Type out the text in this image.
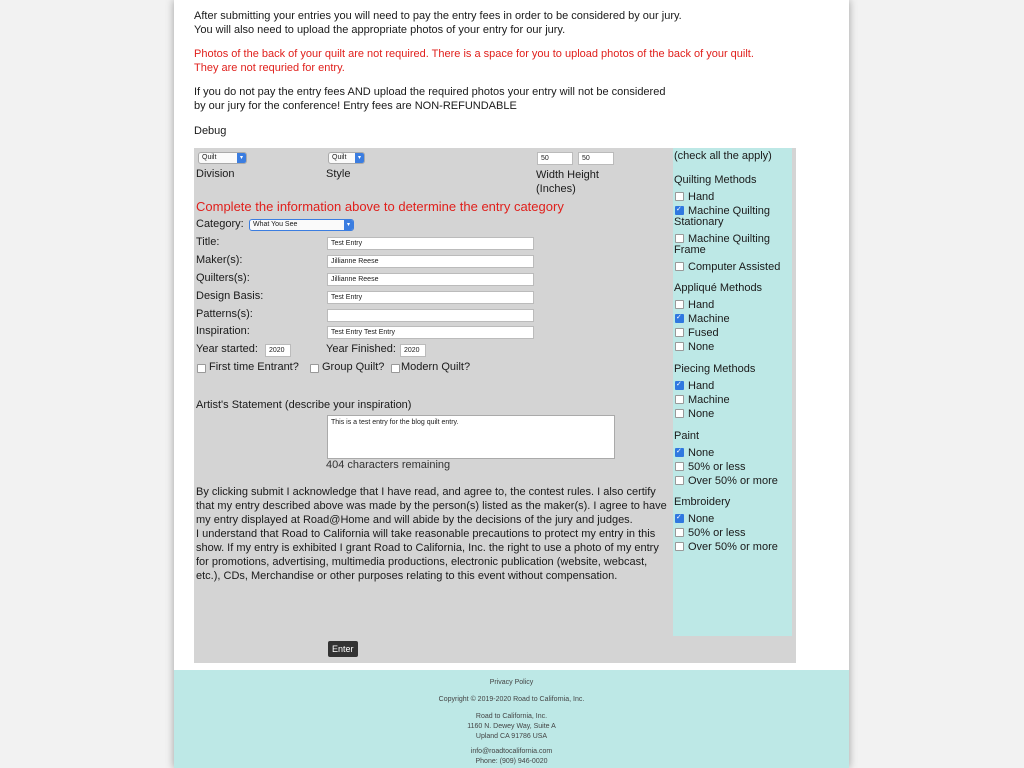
After submitting your entries you will need to pay the entry fees in order to be considered by our jury.
You will also need to upload the appropriate photos of your entry for our jury.
Photos of the back of your quilt are not required. There is a space for you to upload photos of the back of your quilt.
They are not requried for entry.
If you do not pay the entry fees AND upload the required photos your entry will not be considered
by our jury for the conference! Entry fees are NON-REFUNDABLE
Debug
Quilt	▾
Division
Quilt	▾
Style
50	50
Width Height
(Inches)
Complete the information above to determine the entry category
Category:	What You See	▾
Title:	Test Entry
Maker(s):	Jillianne Reese
Quilters(s):	Jillianne Reese
Design Basis:	Test Entry
Patterns(s):
Inspiration:	Test Entry Test Entry
Year started:	2020	Year Finished:	2020
First time Entrant? Group Quilt? Modern Quilt?
Artist's Statement (describe your inspiration)
This is a test entry for the blog quilt entry.
404 characters remaining
By clicking submit I acknowledge that I have read, and agree to, the contest rules. I also certify that my entry described above was made by the person(s) listed as the maker(s). I agree to have my entry displayed at Road@Home and will abide by the decisions of the jury and judges.
I understand that Road to California will take reasonable precautions to protect my entry in this show. If my entry is exhibited I grant Road to California, Inc. the right to use a photo of my entry for promotions, advertising, multimedia productions, electronic publication (website, webcast, etc.), CDs, Merchandise or other purposes relating to this event without compensation.
Enter
(check all the apply)
Quilting Methods
Hand
✓
Machine Quilting
Stationary
Machine Quilting
Frame
Computer Assisted
Appliqué Methods
Hand
✓
Machine
Fused
None
Piecing Methods
✓
Hand
Machine
None
Paint
✓
None
50% or less
Over 50% or more
Embroidery
✓
None
50% or less
Over 50% or more
Privacy Policy
Copyright © 2019-2020 Road to California, Inc.
Road to California, Inc.
1160 N. Dewey Way, Suite A
Upland CA 91786 USA
info@roadtocalifornia.com
Phone: (909) 946-0020
